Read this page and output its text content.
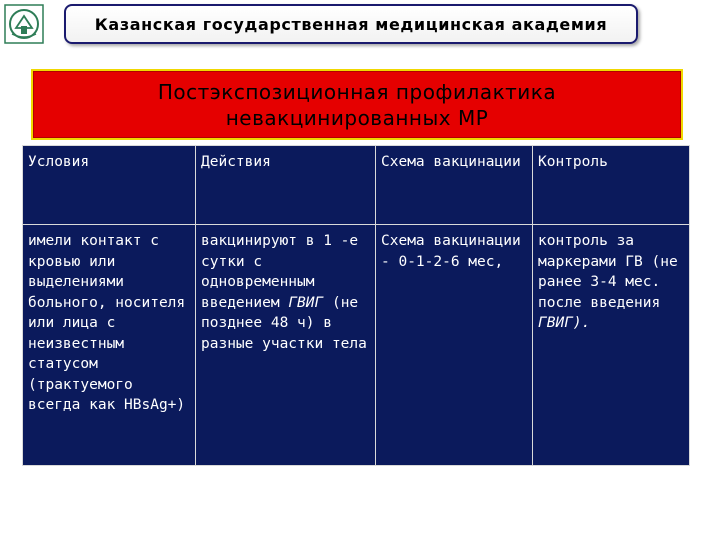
Казанская государственная медицинская академия
Постэкспозиционная профилактика
невакцинированных МР
Условия	Действия	Схема вакцинации	Контроль
имели контакт с кровью или выделениями больного, носителя или лица с неизвестным статусом (трактуемого всегда как HBsAg+)	вакцинируют в 1 -е сутки с одновременным введением ГВИГ (не позднее 48 ч) в разные участки тела	Схема вакцинации - 0-1-2-6 мес,	контроль за маркерами ГВ (не ранее 3-4 мес. после введения ГВИГ).
